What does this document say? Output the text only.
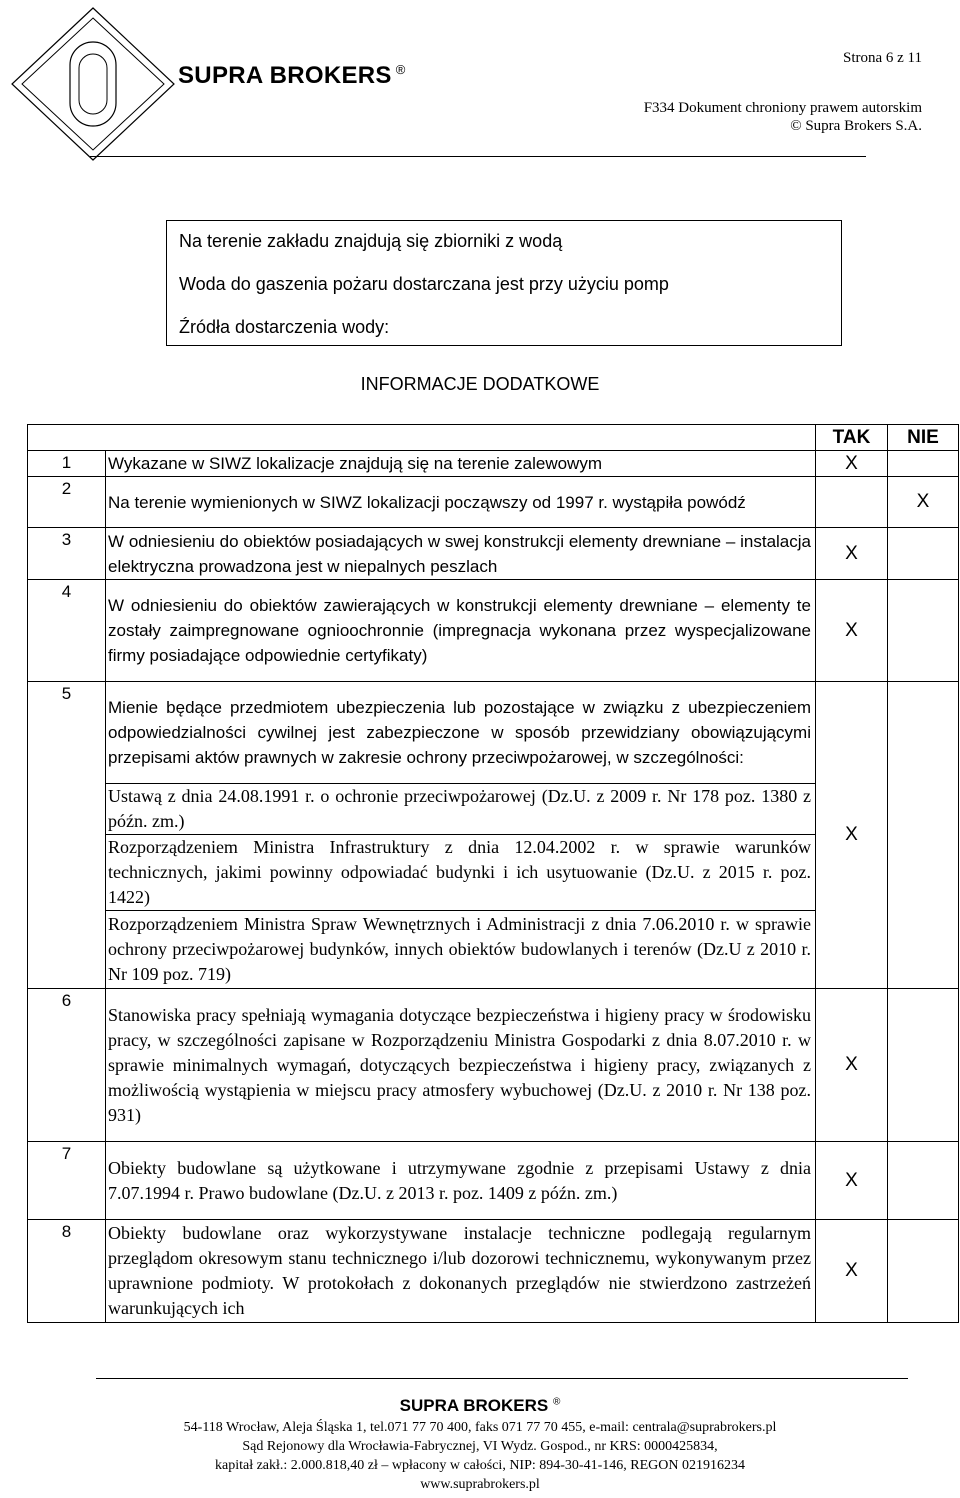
SUPRA BROKERS ®
Strona 6 z 11
F334 Dokument chroniony prawem autorskim
© Supra Brokers S.A.
Na terenie zakładu znajdują się zbiorniki z wodą
Woda do gaszenia pożaru dostarczana jest przy użyciu pomp
Źródła dostarczenia wody:
INFORMACJE DODATKOWE
		TAK	NIE
1	Wykazane w SIWZ lokalizacje znajdują się na terenie zalewowym	X	
2	Na terenie wymienionych w SIWZ lokalizacji począwszy od 1997 r. wystąpiła powódź		X
3	W odniesieniu do obiektów posiadających w swej konstrukcji elementy drewniane – instalacja elektryczna prowadzona jest w niepalnych peszlach	X	
4	W odniesieniu do obiektów zawierających w konstrukcji elementy drewniane – elementy te zostały zaimpregnowane ognioochronnie (impregnacja wykonana przez wyspecjalizowane firmy posiadające odpowiednie certyfikaty)	X	
5	Mienie będące przedmiotem ubezpieczenia lub pozostające w związku z ubezpieczeniem odpowiedzialności cywilnej jest zabezpieczone w sposób przewidziany obowiązującymi przepisami aktów prawnych w zakresie ochrony przeciwpożarowej, w szczególności:	X	
	Ustawą z dnia 24.08.1991 r. o ochronie przeciwpożarowej (Dz.U. z 2009 r. Nr 178 poz. 1380 z późn. zm.)		
	Rozporządzeniem Ministra Infrastruktury z dnia 12.04.2002 r. w sprawie warunków technicznych, jakimi powinny odpowiadać budynki i ich usytuowanie (Dz.U. z 2015 r. poz. 1422)		
	Rozporządzeniem Ministra Spraw Wewnętrznych i Administracji z dnia 7.06.2010 r. w sprawie ochrony przeciwpożarowej budynków, innych obiektów budowlanych i terenów (Dz.U z 2010 r. Nr 109 poz. 719)		
6	Stanowiska pracy spełniają wymagania dotyczące bezpieczeństwa i higieny pracy w środowisku pracy, w szczególności zapisane w Rozporządzeniu Ministra Gospodarki z dnia 8.07.2010 r. w sprawie minimalnych wymagań, dotyczących bezpieczeństwa i higieny pracy, związanych z możliwością wystąpienia w miejscu pracy atmosfery wybuchowej (Dz.U. z 2010 r. Nr 138 poz. 931)	X	
7	Obiekty budowlane są użytkowane i utrzymywane zgodnie z przepisami Ustawy z dnia 7.07.1994 r. Prawo budowlane (Dz.U. z 2013 r. poz. 1409 z późn. zm.)	X	
8	Obiekty budowlane oraz wykorzystywane instalacje techniczne podlegają regularnym przeglądom okresowym stanu technicznego i/lub dozorowi technicznemu, wykonywanym przez uprawnione podmioty. W protokołach z dokonanych przeglądów nie stwierdzono zastrzeżeń warunkujących ich	X	
SUPRA BROKERS ®
54-118 Wrocław, Aleja Śląska 1, tel.071 77 70 400, faks 071 77 70 455, e-mail: centrala@suprabrokers.pl
Sąd Rejonowy dla Wrocławia-Fabrycznej, VI Wydz. Gospod., nr KRS: 0000425834,
kapitał zakł.: 2.000.818,40 zł – wpłacony w całości, NIP: 894-30-41-146, REGON 021916234
www.suprabrokers.pl
